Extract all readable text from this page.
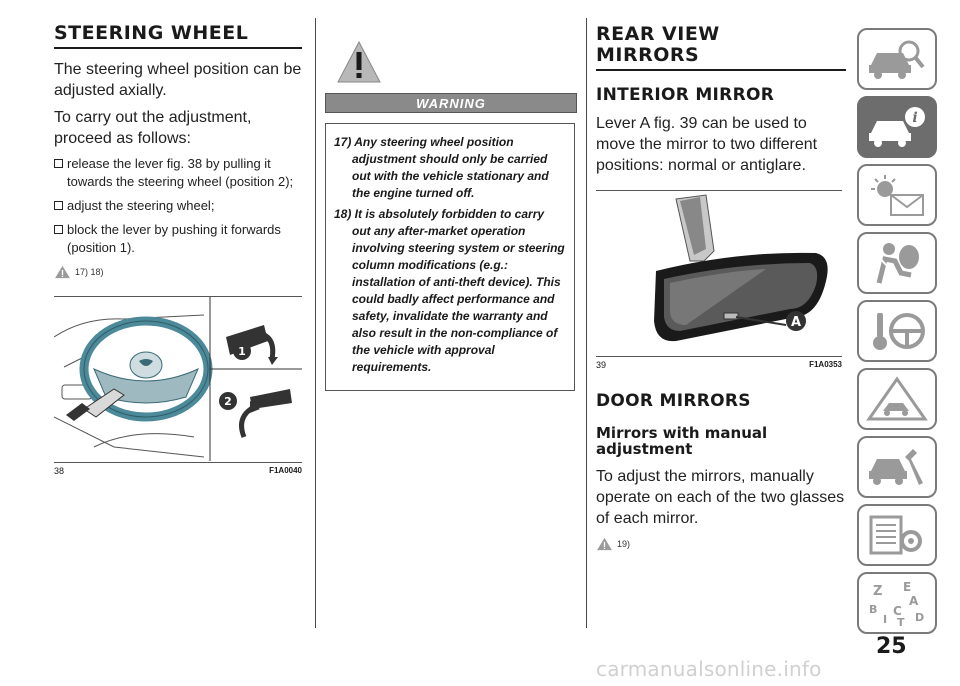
STEERING WHEEL

The steering wheel position can be adjusted axially.

To carry out the adjustment, proceed as follows:

release the lever fig. 38 by pulling it towards the steering wheel (position 2);
adjust the steering wheel;
block the lever by pushing it forwards (position 1).
17) 18)
1
2
38	F1A0040
WARNING
17) Any steering wheel position adjustment should only be carried out with the vehicle stationary and the engine turned off.
18) It is absolutely forbidden to carry out any after-market operation involving steering system or steering column modifications (e.g.: installation of anti-theft device). This could badly affect performance and safety, invalidate the warranty and also result in the non-compliance of the vehicle with approval requirements.
REAR VIEW
MIRRORS
INTERIOR MIRROR

Lever A fig. 39 can be used to move the mirror to two different positions: normal or antiglare.

A
39	F1A0353
DOOR MIRRORS
Mirrors with manual
adjustment

To adjust the mirrors, manually operate on each of the two glasses of each mirror.

19)
i
Z E
A
B C D
I T
25
carmanualsonline.info
